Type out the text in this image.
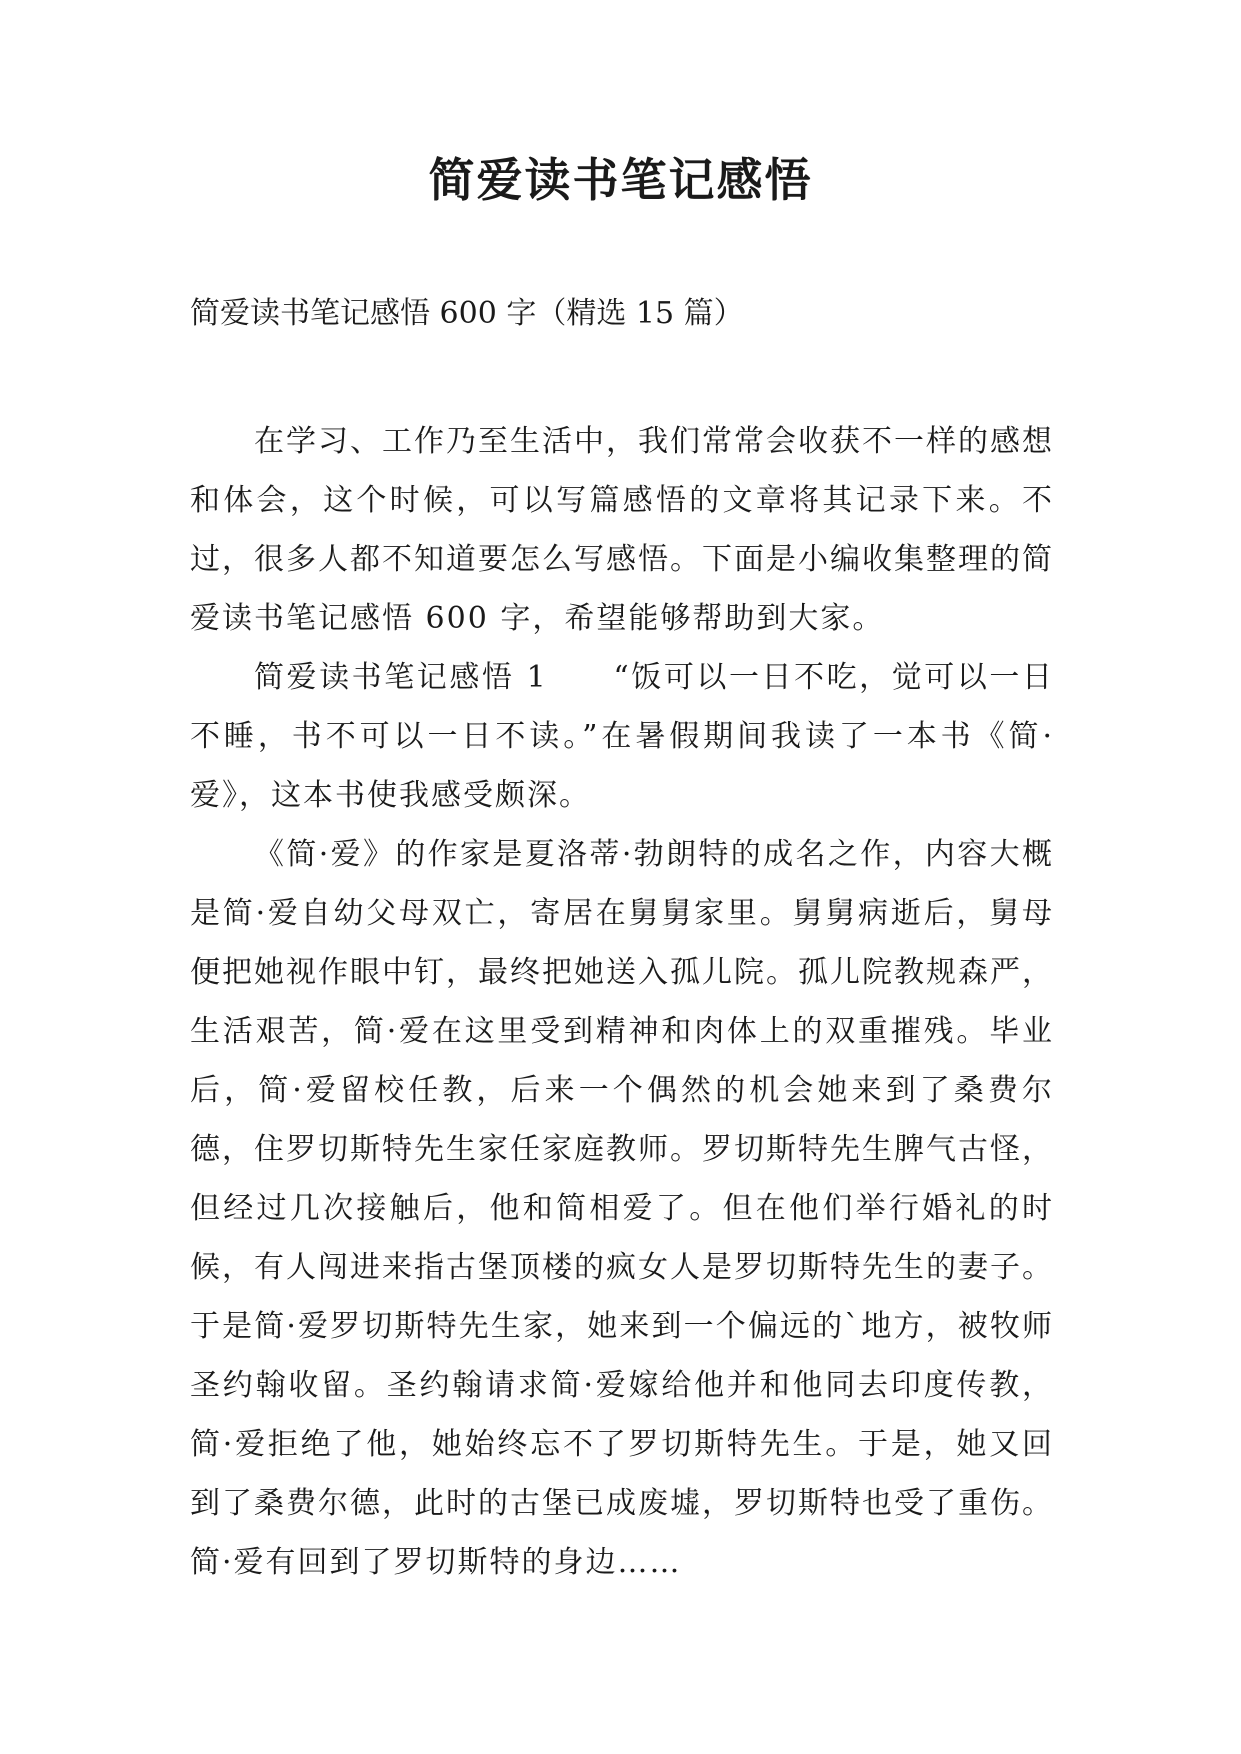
简爱读书笔记感悟
简爱读书笔记感悟 600 字（精选 15 篇）

在学习、工作乃至生活中，我们常常会收获不一样的感想和体会，这个时候，可以写篇感悟的文章将其记录下来。不过，很多人都不知道要怎么写感悟。下面是小编收集整理的简爱读书笔记感悟 600 字，希望能够帮助到大家。

简爱读书笔记感悟 1　　“饭可以一日不吃，觉可以一日不睡，书不可以一日不读。”在暑假期间我读了一本书《简·爱》，这本书使我感受颇深。

《简·爱》的作家是夏洛蒂·勃朗特的成名之作，内容大概是简·爱自幼父母双亡，寄居在舅舅家里。舅舅病逝后，舅母便把她视作眼中钉，最终把她送入孤儿院。孤儿院教规森严，生活艰苦，简·爱在这里受到精神和肉体上的双重摧残。毕业后，简·爱留校任教，后来一个偶然的机会她来到了桑费尔德，住罗切斯特先生家任家庭教师。罗切斯特先生脾气古怪，但经过几次接触后，他和简相爱了。但在他们举行婚礼的时候，有人闯进来指古堡顶楼的疯女人是罗切斯特先生的妻子。于是简·爱罗切斯特先生家，她来到一个偏远的`地方，被牧师圣约翰收留。圣约翰请求简·爱嫁给他并和他同去印度传教，简·爱拒绝了他，她始终忘不了罗切斯特先生。于是，她又回到了桑费尔德，此时的古堡已成废墟，罗切斯特也受了重伤。简·爱有回到了罗切斯特的身边……
